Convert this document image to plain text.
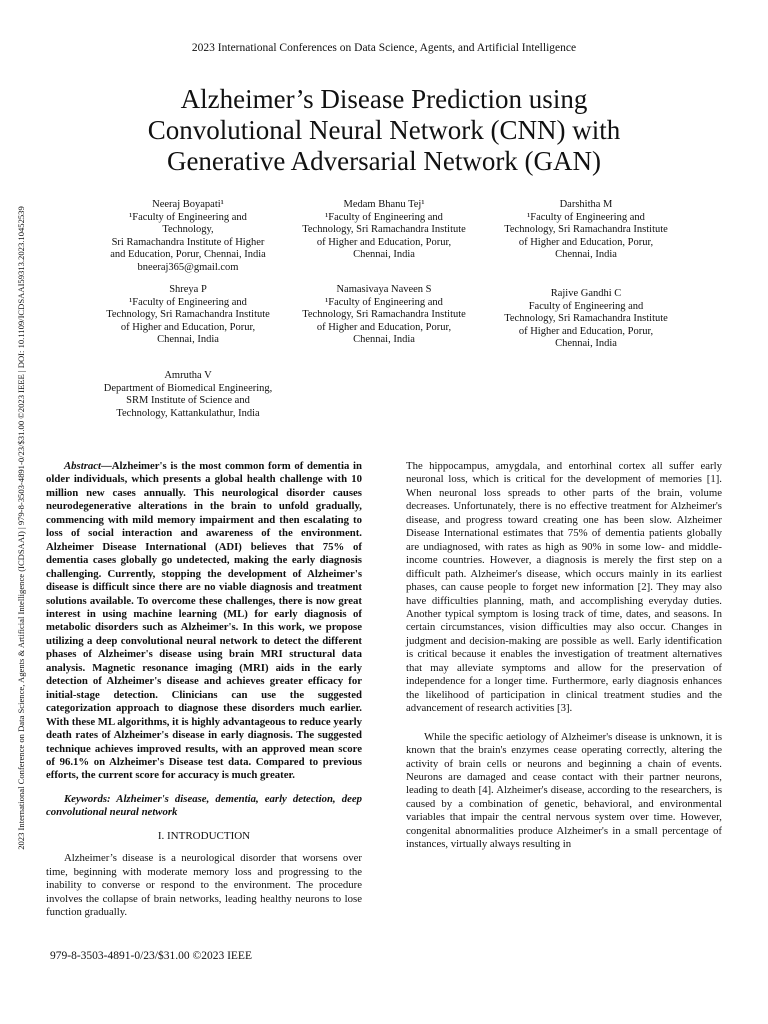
2023 International Conference on Data Science, Agents & Artificial Intelligence (ICDSAAI) | 979-8-3503-4891-0/23/$31.00 ©2023 IEEE | DOI: 10.1109/ICDSAAI59313.2023.10452539
2023 International Conferences on Data Science, Agents, and Artificial Intelligence
Alzheimer’s Disease Prediction using
Convolutional Neural Network (CNN) with
Generative Adversarial Network (GAN)
Neeraj Boyapati¹
¹Faculty of Engineering and
Technology,
Sri Ramachandra Institute of Higher
and Education, Porur, Chennai, India
bneeraj365@gmail.com
Medam Bhanu Tej¹
¹Faculty of Engineering and
Technology, Sri Ramachandra Institute
of Higher and Education, Porur,
Chennai, India
Darshitha M
¹Faculty of Engineering and
Technology, Sri Ramachandra Institute
of Higher and Education, Porur,
Chennai, India
Shreya P
¹Faculty of Engineering and
Technology, Sri Ramachandra Institute
of Higher and Education, Porur,
Chennai, India
Namasivaya Naveen S
¹Faculty of Engineering and
Technology, Sri Ramachandra Institute
of Higher and Education, Porur,
Chennai, India
Rajive Gandhi C
Faculty of Engineering and
Technology, Sri Ramachandra Institute
of Higher and Education, Porur,
Chennai, India
Amrutha V
Department of Biomedical Engineering,
SRM Institute of Science and
Technology, Kattankulathur, India

Abstract—Alzheimer's is the most common form of dementia in older individuals, which presents a global health challenge with 10 million new cases annually. This neurological disorder causes neurodegenerative alterations in the brain to unfold gradually, commencing with mild memory impairment and then escalating to loss of social interaction and awareness of the environment. Alzheimer Disease International (ADI) believes that 75% of dementia cases globally go undetected, making the early diagnosis challenging. Currently, stopping the development of Alzheimer's disease is difficult since there are no viable diagnosis and treatment solutions available. To overcome these challenges, there is now great interest in using machine learning (ML) for early diagnosis of metabolic disorders such as Alzheimer's. In this work, we propose utilizing a deep convolutional neural network to detect the different phases of Alzheimer's disease using brain MRI structural data analysis. Magnetic resonance imaging (MRI) aids in the early detection of Alzheimer's disease and achieves greater efficacy for initial-stage detection. Clinicians can use the suggested categorization approach to diagnose these disorders much earlier. With these ML algorithms, it is highly advantageous to reduce yearly death rates of Alzheimer's disease in early diagnosis. The suggested technique achieves improved results, with an approved mean score of 96.1% on Alzheimer's Disease test data. Compared to previous efforts, the current score for accuracy is much greater.

Keywords: Alzheimer's disease, dementia, early detection, deep convolutional neural network

I. INTRODUCTION

Alzheimer’s disease is a neurological disorder that worsens over time, beginning with moderate memory loss and progressing to the inability to converse or respond to the environment. The procedure involves the collapse of brain networks, leading healthy neurons to lose function gradually.

The hippocampus, amygdala, and entorhinal cortex all suffer early neuronal loss, which is critical for the development of memories [1]. When neuronal loss spreads to other parts of the brain, volume decreases. Unfortunately, there is no effective treatment for Alzheimer's disease, and progress toward creating one has been slow. Alzheimer Disease International estimates that 75% of dementia patients globally are undiagnosed, with rates as high as 90% in some low- and middle-income countries. However, a diagnosis is merely the first step on a difficult path. Alzheimer's disease, which occurs mainly in its earliest phases, can cause people to forget new information [2]. They may also have difficulties planning, math, and accomplishing everyday duties. Another typical symptom is losing track of time, dates, and seasons. In certain circumstances, vision difficulties may also occur. Changes in judgment and decision-making are possible as well. Early identification is critical because it enables the investigation of treatment alternatives that may alleviate symptoms and allow for the preservation of independence for a longer time. Furthermore, early diagnosis enhances the likelihood of participation in clinical treatment studies and the advancement of research activities [3].

While the specific aetiology of Alzheimer's disease is unknown, it is known that the brain's enzymes cease operating correctly, altering the activity of brain cells or neurons and beginning a chain of events. Neurons are damaged and cease contact with their partner neurons, leading to death [4]. Alzheimer's disease, according to the researchers, is caused by a combination of genetic, behavioral, and environmental variables that impair the central nervous system over time. However, congenital abnormalities produce Alzheimer's in a small percentage of instances, virtually always resulting in

979-8-3503-4891-0/23/$31.00 ©2023 IEEE
